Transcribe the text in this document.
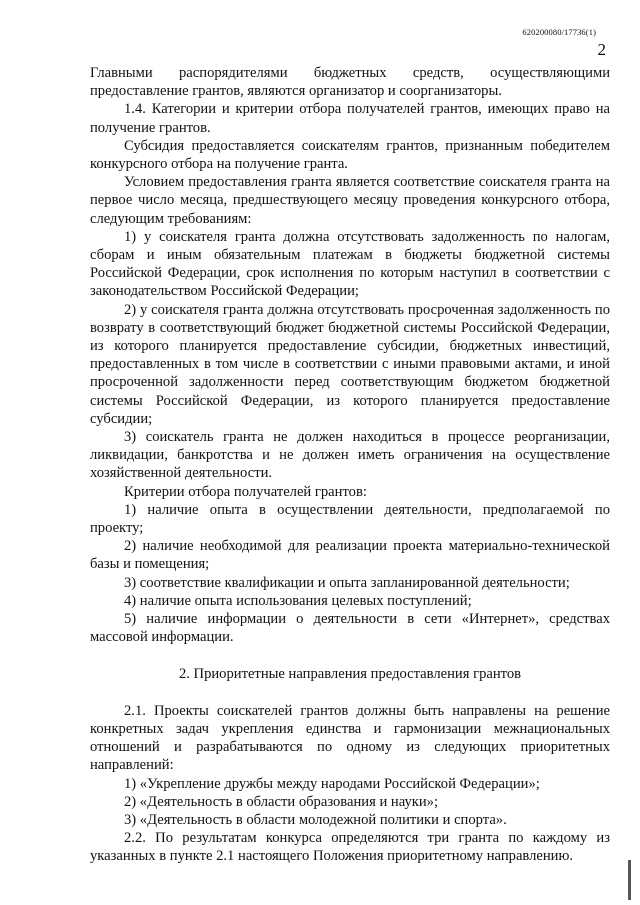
620200080/17736(1)
2

Главными распорядителями бюджетных средств, осуществляющими предоставление грантов, являются организатор и соорганизаторы.

1.4. Категории и критерии отбора получателей грантов, имеющих право на получение грантов.

Субсидия предоставляется соискателям грантов, признанным победителем конкурсного отбора на получение гранта.

Условием предоставления гранта является соответствие соискателя гранта на первое число месяца, предшествующего месяцу проведения конкурсного отбора, следующим требованиям:

1) у соискателя гранта должна отсутствовать задолженность по налогам, сборам и иным обязательным платежам в бюджеты бюджетной системы Российской Федерации, срок исполнения по которым наступил в соответствии с законодательством Российской Федерации;

2) у соискателя гранта должна отсутствовать просроченная задолженность по возврату в соответствующий бюджет бюджетной системы Российской Федерации, из которого планируется предоставление субсидии, бюджетных инвестиций, предоставленных в том числе в соответствии с иными правовыми актами, и иной просроченной задолженности перед соответствующим бюджетом бюджетной системы Российской Федерации, из которого планируется предоставление субсидии;

3) соискатель гранта не должен находиться в процессе реорганизации, ликвидации, банкротства и не должен иметь ограничения на осуществление хозяйственной деятельности.

Критерии отбора получателей грантов:

1) наличие опыта в осуществлении деятельности, предполагаемой по проекту;

2) наличие необходимой для реализации проекта материально-технической базы и помещения;

3) соответствие квалификации и опыта запланированной деятельности;

4) наличие опыта использования целевых поступлений;

5) наличие информации о деятельности в сети «Интернет», средствах массовой информации.

2. Приоритетные направления предоставления грантов

2.1. Проекты соискателей грантов должны быть направлены на решение конкретных задач укрепления единства и гармонизации межнациональных отношений и разрабатываются по одному из следующих приоритетных направлений:

1) «Укрепление дружбы между народами Российской Федерации»;

2) «Деятельность в области образования и науки»;

3) «Деятельность в области молодежной политики и спорта».

2.2. По результатам конкурса определяются три гранта по каждому из указанных в пункте 2.1 настоящего Положения приоритетному направлению.
